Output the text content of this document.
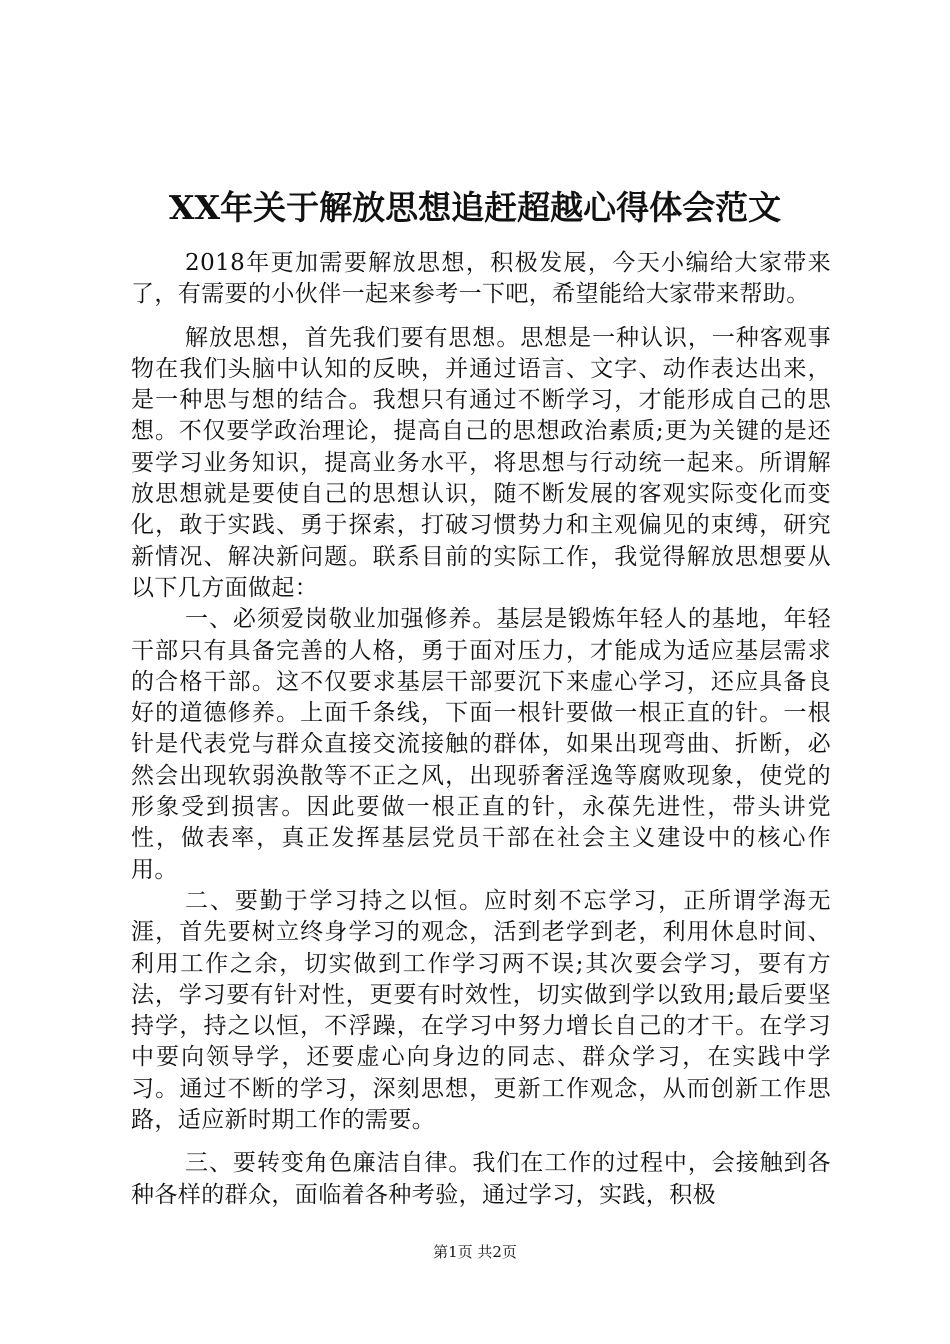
XX年关于解放思想追赶超越心得体会范文

2018年更加需要解放思想，积极发展，今天小编给大家带来了，有需要的小伙伴一起来参考一下吧，希望能给大家带来帮助。

解放思想，首先我们要有思想。思想是一种认识，一种客观事物在我们头脑中认知的反映，并通过语言、文字、动作表达出来，是一种思与想的结合。我想只有通过不断学习，才能形成自己的思想。不仅要学政治理论，提高自己的思想政治素质;更为关键的是还要学习业务知识，提高业务水平，将思想与行动统一起来。所谓解放思想就是要使自己的思想认识，随不断发展的客观实际变化而变化，敢于实践、勇于探索，打破习惯势力和主观偏见的束缚，研究新情况、解决新问题。联系目前的实际工作，我觉得解放思想要从以下几方面做起：

一、必须爱岗敬业加强修养。基层是锻炼年轻人的基地，年轻干部只有具备完善的人格，勇于面对压力，才能成为适应基层需求的合格干部。这不仅要求基层干部要沉下来虚心学习，还应具备良好的道德修养。上面千条线，下面一根针要做一根正直的针。一根针是代表党与群众直接交流接触的群体，如果出现弯曲、折断，必然会出现软弱涣散等不正之风，出现骄奢淫逸等腐败现象，使党的形象受到损害。因此要做一根正直的针，永葆先进性，带头讲党性，做表率，真正发挥基层党员干部在社会主义建设中的核心作用。

二、要勤于学习持之以恒。应时刻不忘学习，正所谓学海无涯，首先要树立终身学习的观念，活到老学到老，利用休息时间、利用工作之余，切实做到工作学习两不误;其次要会学习，要有方法，学习要有针对性，更要有时效性，切实做到学以致用;最后要坚持学，持之以恒，不浮躁，在学习中努力增长自己的才干。在学习中要向领导学，还要虚心向身边的同志、群众学习，在实践中学习。通过不断的学习，深刻思想，更新工作观念，从而创新工作思路，适应新时期工作的需要。

三、要转变角色廉洁自律。我们在工作的过程中，会接触到各种各样的群众，面临着各种考验，通过学习，实践，积极

第1页 共2页
